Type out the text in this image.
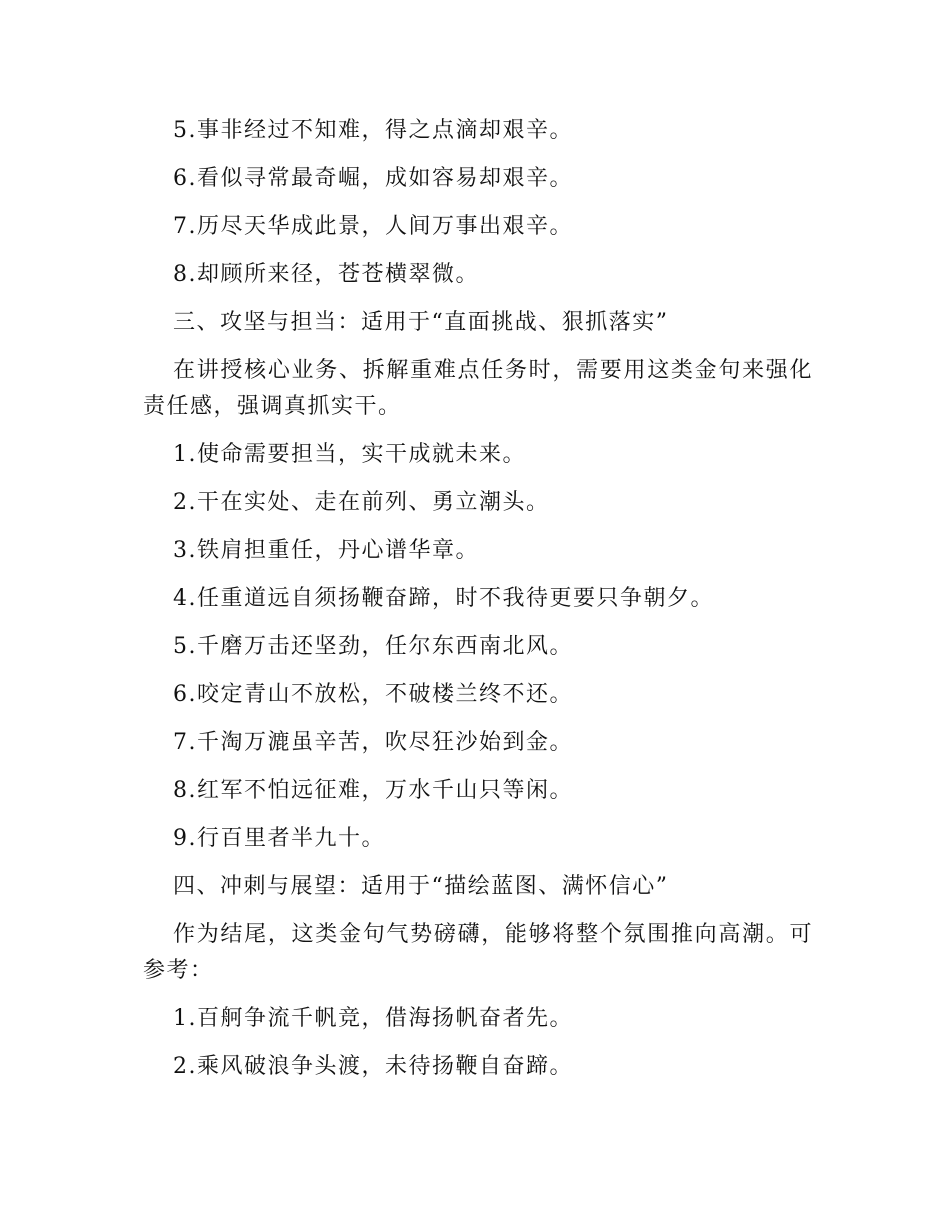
5.事非经过不知难，得之点滴却艰辛。

6.看似寻常最奇崛，成如容易却艰辛。

7.历尽天华成此景，人间万事出艰辛。

8.却顾所来径，苍苍横翠微。

三、攻坚与担当：适用于“直面挑战、狠抓落实”

在讲授核心业务、拆解重难点任务时，需要用这类金句来强化责任感，强调真抓实干。

1.使命需要担当，实干成就未来。

2.干在实处、走在前列、勇立潮头。

3.铁肩担重任，丹心谱华章。

4.任重道远自须扬鞭奋蹄，时不我待更要只争朝夕。

5.千磨万击还坚劲，任尔东西南北风。

6.咬定青山不放松，不破楼兰终不还。

7.千淘万漉虽辛苦，吹尽狂沙始到金。

8.红军不怕远征难，万水千山只等闲。

9.行百里者半九十。

四、冲刺与展望：适用于“描绘蓝图、满怀信心”

作为结尾，这类金句气势磅礴，能够将整个氛围推向高潮。可参考：

1.百舸争流千帆竞，借海扬帆奋者先。

2.乘风破浪争头渡，未待扬鞭自奋蹄。
